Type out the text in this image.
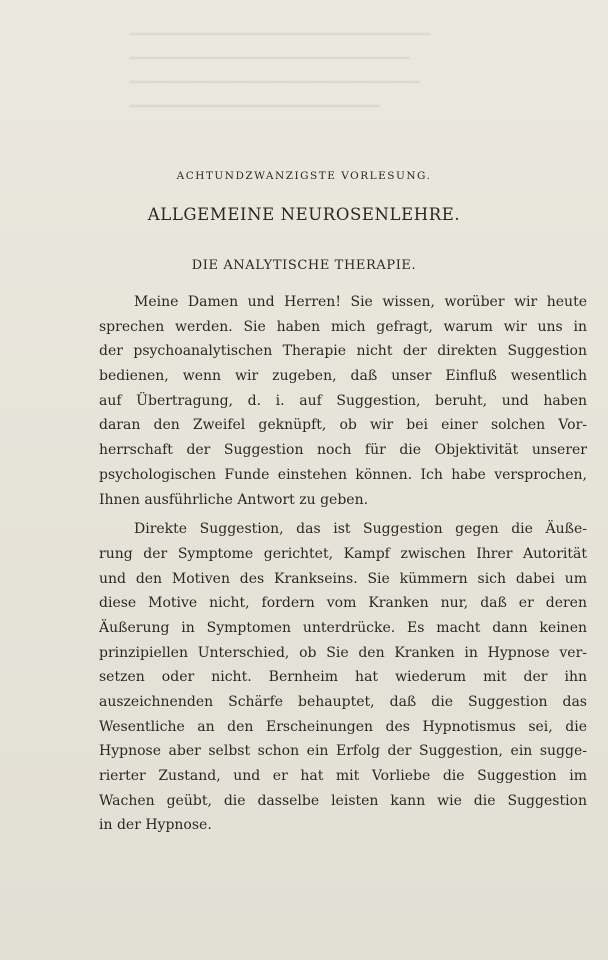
▔▔▔▔▔▔▔▔▔▔▔▔▔▔▔▔▔▔▔▔▔▔▔▔▔▔▔▔▔▔
▔▔▔▔▔▔▔▔▔▔▔▔▔▔▔▔▔▔▔▔▔▔▔▔▔▔▔▔
▔▔▔▔▔▔▔▔▔▔▔▔▔▔▔▔▔▔▔▔▔▔▔▔▔▔▔▔▔
▔▔▔▔▔▔▔▔▔▔▔▔▔▔▔▔▔▔▔▔▔▔▔▔▔
ACHTUNDZWANZIGSTE VORLESUNG.
ALLGEMEINE NEUROSENLEHRE.
DIE ANALYTISCHE THERAPIE.
Meine Damen und Herren! Sie wissen, worüber wir heute
sprechen werden. Sie haben mich gefragt, warum wir uns in
der psychoanalytischen Therapie nicht der direkten Suggestion
bedienen, wenn wir zugeben, daß unser Einfluß wesentlich
auf Übertragung, d. i. auf Suggestion, beruht, und haben
daran den Zweifel geknüpft, ob wir bei einer solchen Vor-
herrschaft der Suggestion noch für die Objektivität unserer
psychologischen Funde einstehen können. Ich habe versprochen,
Ihnen ausführliche Antwort zu geben.
Direkte Suggestion, das ist Suggestion gegen die Äuße-
rung der Symptome gerichtet, Kampf zwischen Ihrer Autorität
und den Motiven des Krankseins. Sie kümmern sich dabei um
diese Motive nicht, fordern vom Kranken nur, daß er deren
Äußerung in Symptomen unterdrücke. Es macht dann keinen
prinzipiellen Unterschied, ob Sie den Kranken in Hypnose ver-
setzen oder nicht. Bernheim hat wiederum mit der ihn
auszeichnenden Schärfe behauptet, daß die Suggestion das
Wesentliche an den Erscheinungen des Hypnotismus sei, die
Hypnose aber selbst schon ein Erfolg der Suggestion, ein sugge-
rierter Zustand, und er hat mit Vorliebe die Suggestion im
Wachen geübt, die dasselbe leisten kann wie die Suggestion
in der Hypnose.
